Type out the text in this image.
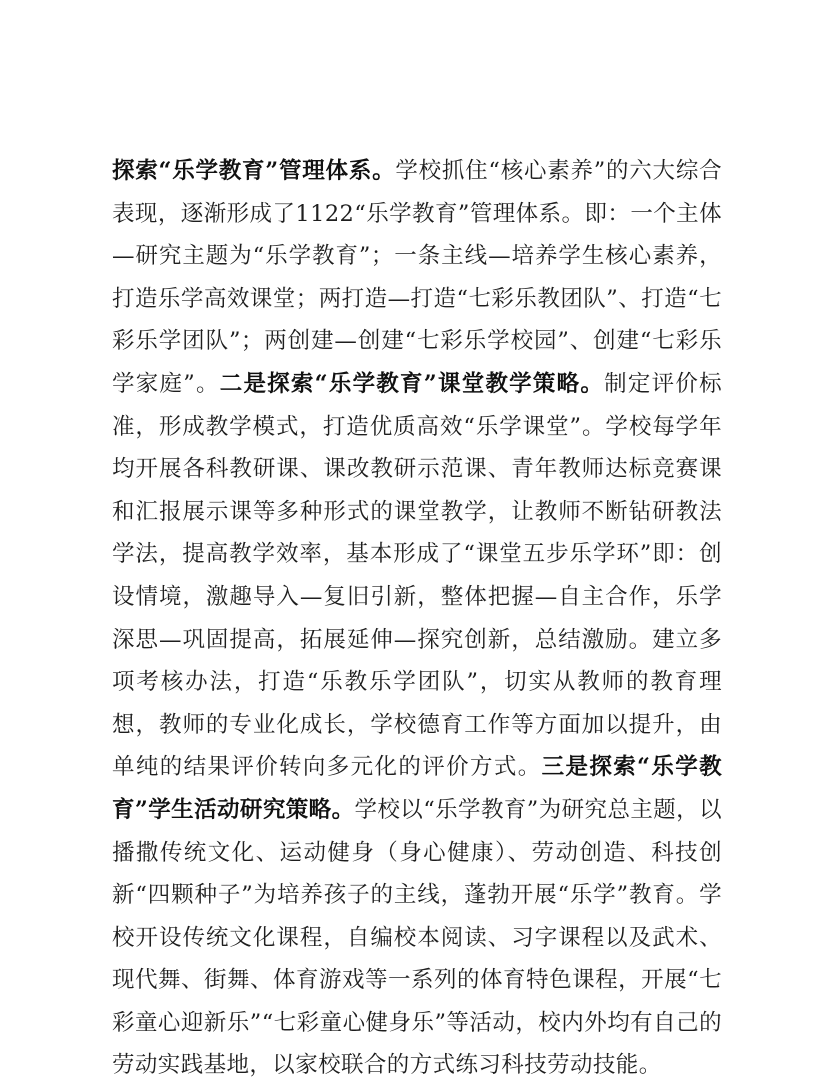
探索“乐学教育”管理体系。学校抓住“核心素养”的六大综合表现，逐渐形成了1122“乐学教育”管理体系。即：一个主体—研究主题为“乐学教育”；一条主线—培养学生核心素养，打造乐学高效课堂；两打造—打造“七彩乐教团队”、打造“七彩乐学团队”；两创建—创建“七彩乐学校园”、创建“七彩乐学家庭”。二是探索“乐学教育”课堂教学策略。制定评价标准，形成教学模式，打造优质高效“乐学课堂”。学校每学年均开展各科教研课、课改教研示范课、青年教师达标竞赛课和汇报展示课等多种形式的课堂教学，让教师不断钻研教法学法，提高教学效率，基本形成了“课堂五步乐学环”即：创设情境，激趣导入—复旧引新，整体把握—自主合作，乐学深思—巩固提高，拓展延伸—探究创新，总结激励。建立多项考核办法，打造“乐教乐学团队”，切实从教师的教育理想，教师的专业化成长，学校德育工作等方面加以提升，由单纯的结果评价转向多元化的评价方式。三是探索“乐学教育”学生活动研究策略。学校以“乐学教育”为研究总主题，以播撒传统文化、运动健身（身心健康）、劳动创造、科技创新“四颗种子”为培养孩子的主线，蓬勃开展“乐学”教育。学校开设传统文化课程，自编校本阅读、习字课程以及武术、现代舞、街舞、体育游戏等一系列的体育特色课程，开展“七彩童心迎新乐”“七彩童心健身乐”等活动，校内外均有自己的劳动实践基地，以家校联合的方式练习科技劳动技能。
